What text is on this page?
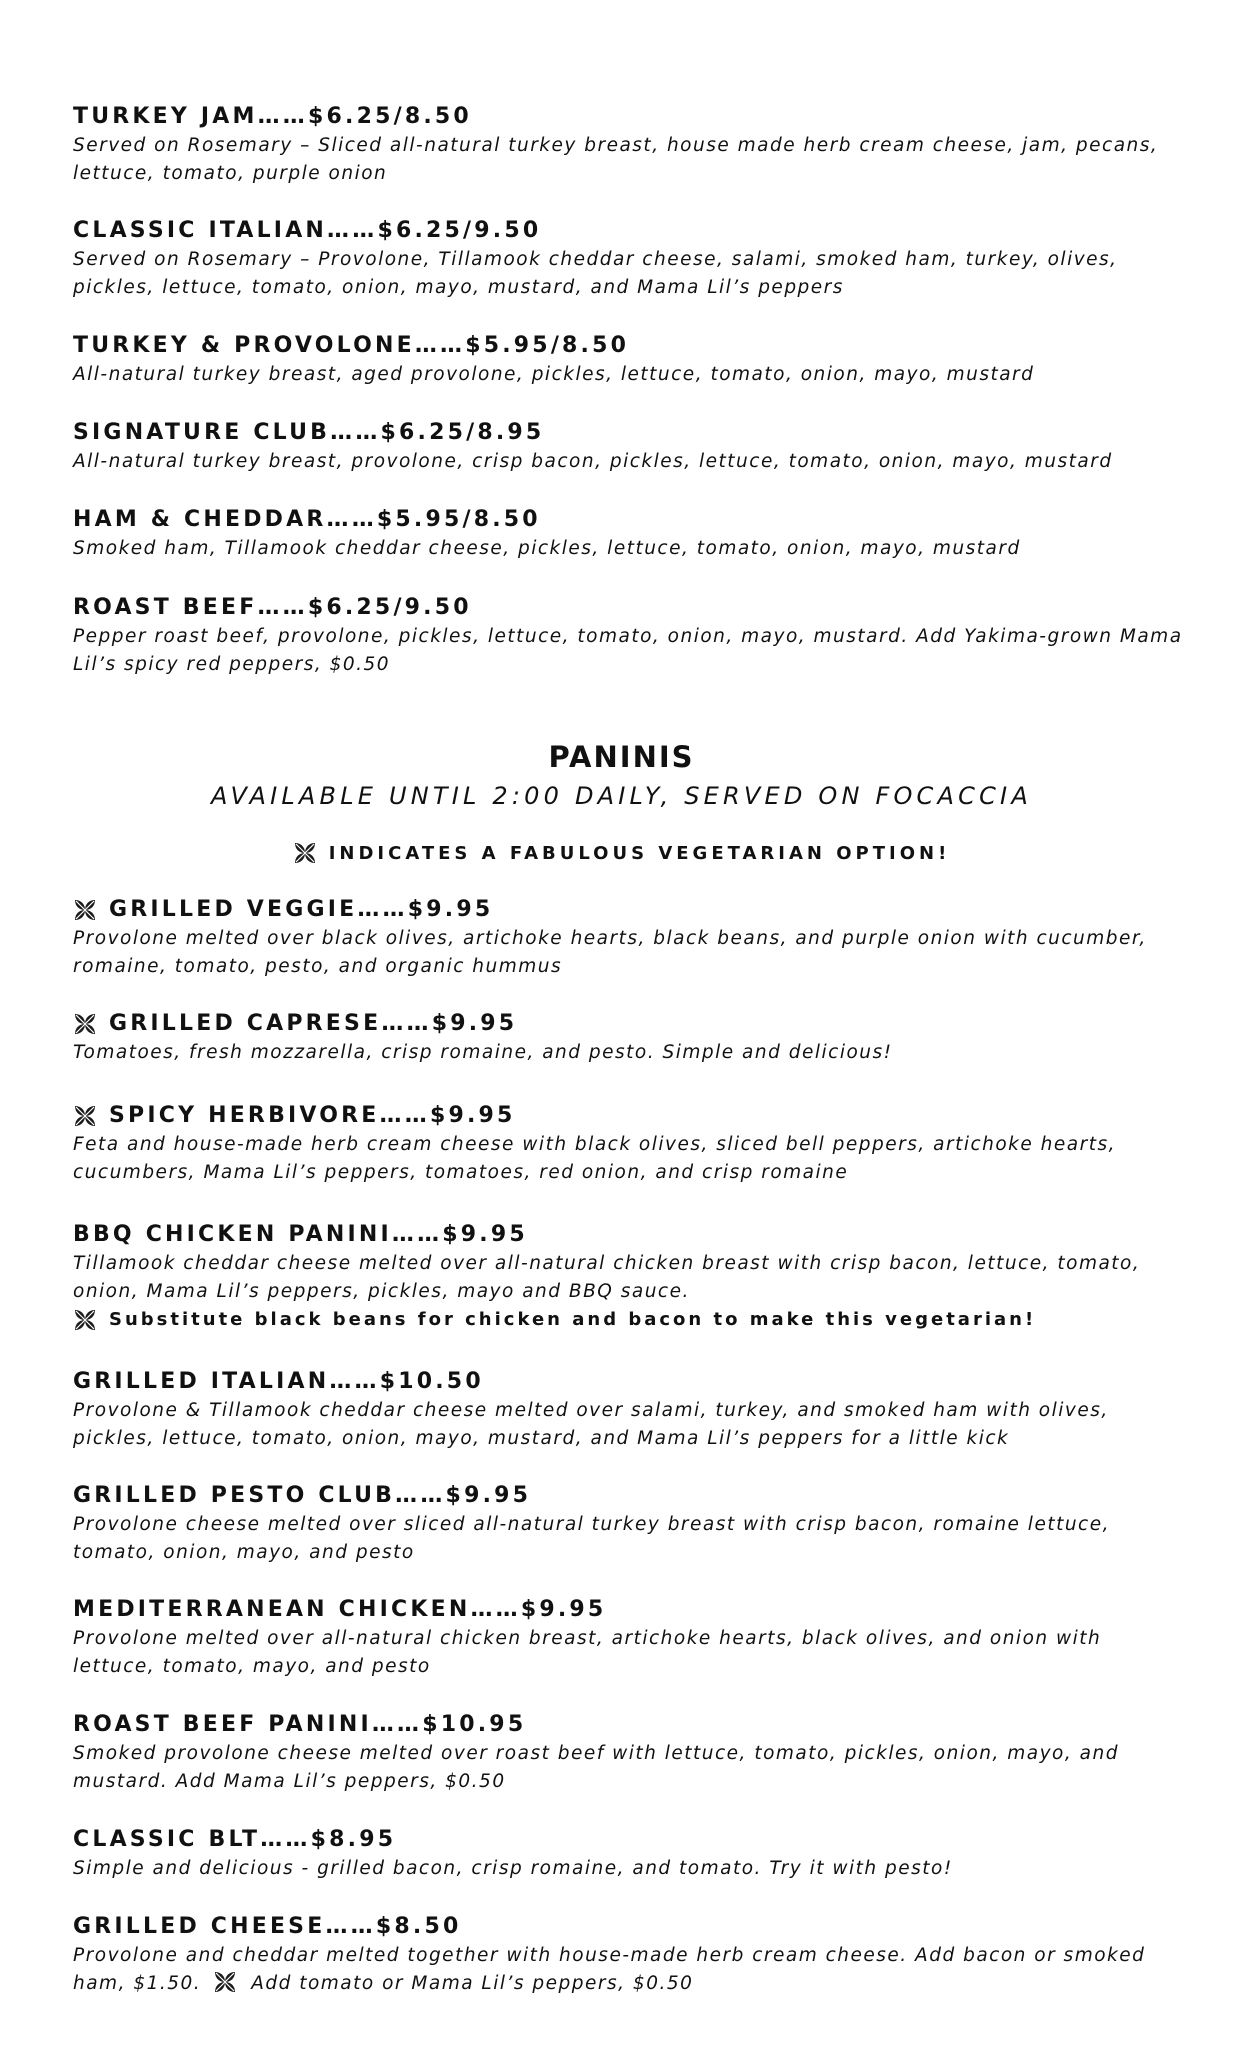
TURKEY JAM ……$6.25/8.50
Served on Rosemary – Sliced all-natural turkey breast, house made herb cream cheese, jam, pecans, lettuce, tomato, purple onion
CLASSIC ITALIAN ……$6.25/9.50
Served on Rosemary – Provolone, Tillamook cheddar cheese, salami, smoked ham, turkey, olives, pickles, lettuce, tomato, onion, mayo, mustard, and Mama Lil’s peppers
TURKEY & PROVOLONE ……$5.95/8.50
All-natural turkey breast, aged provolone, pickles, lettuce, tomato, onion, mayo, mustard
SIGNATURE CLUB ……$6.25/8.95
All-natural turkey breast, provolone, crisp bacon, pickles, lettuce, tomato, onion, mayo, mustard
HAM & CHEDDAR ……$5.95/8.50
Smoked ham, Tillamook cheddar cheese, pickles, lettuce, tomato, onion, mayo, mustard
ROAST BEEF ……$6.25/9.50
Pepper roast beef, provolone, pickles, lettuce, tomato, onion, mayo, mustard. Add Yakima-grown Mama Lil’s spicy red peppers, $0.50
PANINIS
AVAILABLE UNTIL 2:00 DAILY, SERVED ON FOCACCIA
INDICATES A FABULOUS VEGETARIAN OPTION!
GRILLED VEGGIE ……$9.95
Provolone melted over black olives, artichoke hearts, black beans, and purple onion with cucumber, romaine, tomato, pesto, and organic hummus
GRILLED CAPRESE ……$9.95
Tomatoes, fresh mozzarella, crisp romaine, and pesto. Simple and delicious!
SPICY HERBIVORE ……$9.95
Feta and house-made herb cream cheese with black olives, sliced bell peppers, artichoke hearts, cucumbers, Mama Lil’s peppers, tomatoes, red onion, and crisp romaine
BBQ CHICKEN PANINI ……$9.95
Tillamook cheddar cheese melted over all-natural chicken breast with crisp bacon, lettuce, tomato, onion, Mama Lil’s peppers, pickles, mayo and BBQ sauce.
Substitute black beans for chicken and bacon to make this vegetarian!
GRILLED ITALIAN ……$10.50
Provolone & Tillamook cheddar cheese melted over salami, turkey, and smoked ham with olives, pickles, lettuce, tomato, onion, mayo, mustard, and Mama Lil’s peppers for a little kick
GRILLED PESTO CLUB ……$9.95
Provolone cheese melted over sliced all-natural turkey breast with crisp bacon, romaine lettuce, tomato, onion, mayo, and pesto
MEDITERRANEAN CHICKEN ……$9.95
Provolone melted over all-natural chicken breast, artichoke hearts, black olives, and onion with lettuce, tomato, mayo, and pesto
ROAST BEEF PANINI ……$10.95
Smoked provolone cheese melted over roast beef with lettuce, tomato, pickles, onion, mayo, and mustard. Add Mama Lil’s peppers, $0.50
CLASSIC BLT ……$8.95
Simple and delicious - grilled bacon, crisp romaine, and tomato. Try it with pesto!
GRILLED CHEESE ……$8.50
Provolone and cheddar melted together with house-made herb cream cheese. Add bacon or smoked ham, $1.50.	Add tomato or Mama Lil’s peppers, $0.50
